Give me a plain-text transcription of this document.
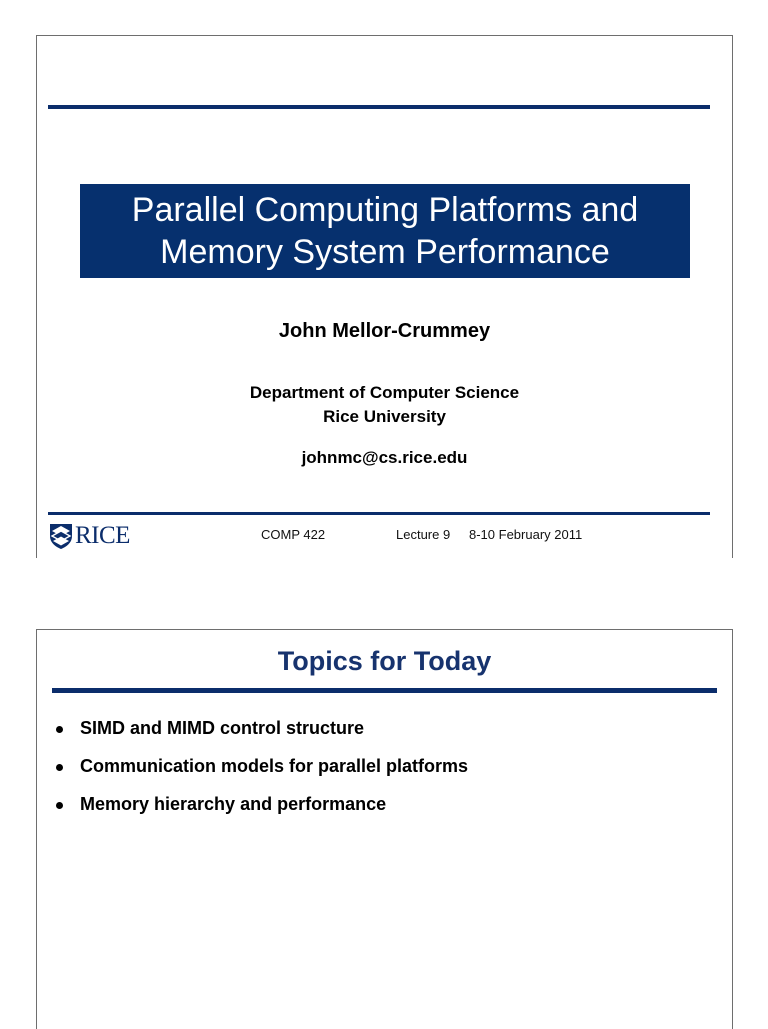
Parallel Computing Platforms and
Memory System Performance
John Mellor-Crummey
Department of Computer Science
Rice University
johnmc@cs.rice.edu
RICE	COMP 422	Lecture 9 8-10 February 2011
Topics for Today
SIMD and MIMD control structure
Communication models for parallel platforms
Memory hierarchy and performance
